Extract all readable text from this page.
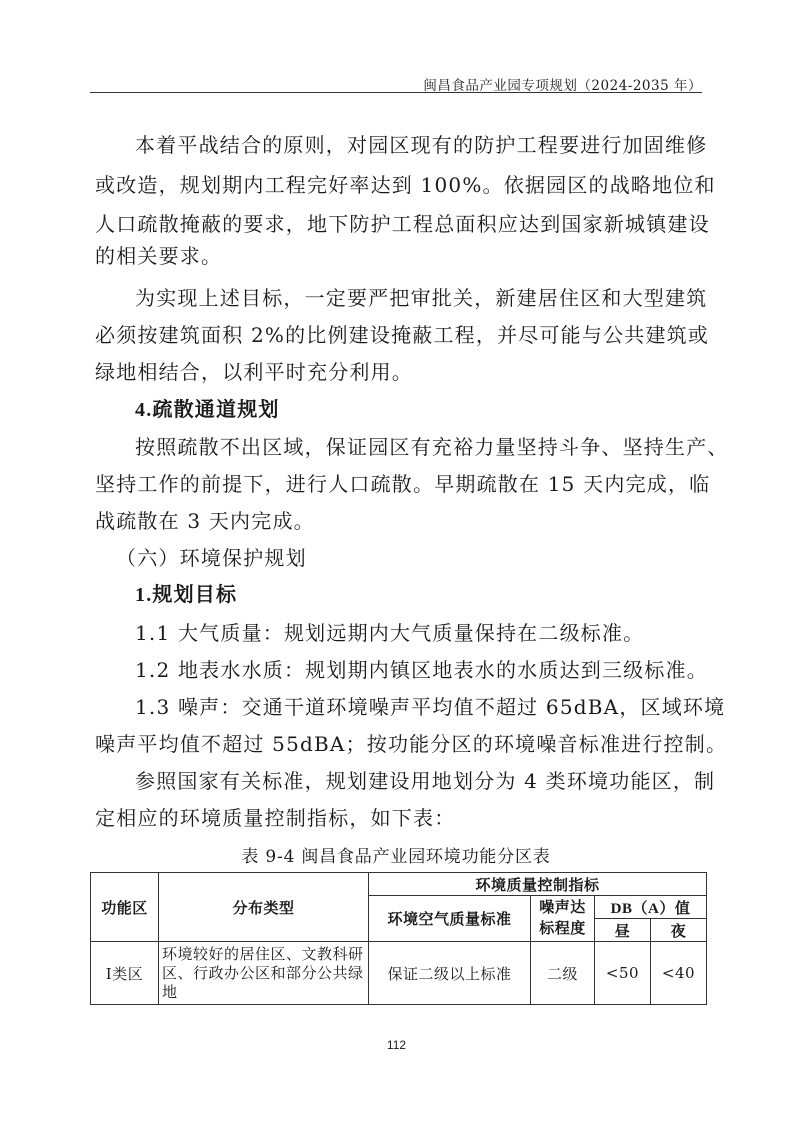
闽昌食品产业园专项规划（2024-2035 年）
本着平战结合的原则，对园区现有的防护工程要进行加固维修
或改造，规划期内工程完好率达到 100%。依据园区的战略地位和
人口疏散掩蔽的要求，地下防护工程总面积应达到国家新城镇建设
的相关要求。
为实现上述目标，一定要严把审批关，新建居住区和大型建筑
必须按建筑面积 2%的比例建设掩蔽工程，并尽可能与公共建筑或
绿地相结合，以利平时充分利用。
4.疏散通道规划
按照疏散不出区域，保证园区有充裕力量坚持斗争、坚持生产、
坚持工作的前提下，进行人口疏散。早期疏散在 15 天内完成，临
战疏散在 3 天内完成。
（六）环境保护规划
1.规划目标
1.1 大气质量：规划远期内大气质量保持在二级标准。
1.2 地表水水质：规划期内镇区地表水的水质达到三级标准。
1.3 噪声：交通干道环境噪声平均值不超过 65dBA，区域环境
噪声平均值不超过 55dBA；按功能分区的环境噪音标准进行控制。
参照国家有关标准，规划建设用地划分为 4 类环境功能区，制
定相应的环境质量控制指标，如下表：
表 9-4 闽昌食品产业园环境功能分区表
功能区	分布类型	环境质量控制指标			
		环境空气质量标准	噪声达标程度	DB（A）值	
				昼	夜
I类区	环境较好的居住区、文教科研区、行政办公区和部分公共绿地	保证二级以上标准	二级	<50	<40
112
